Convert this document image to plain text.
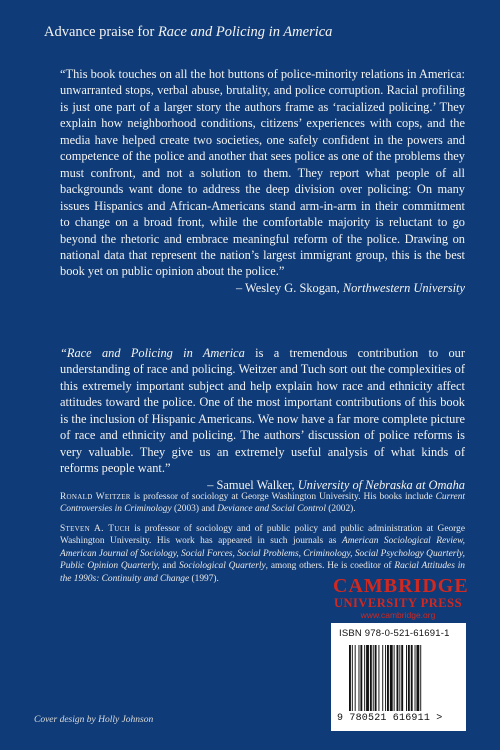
Advance praise for Race and Policing in America
“This book touches on all the hot buttons of police-minority relations in America: unwarranted stops, verbal abuse, brutality, and police corruption. Racial profiling is just one part of a larger story the authors frame as ‘racialized policing.’ They explain how neighborhood conditions, citizens’ experiences with cops, and the media have helped create two societies, one safely confident in the powers and competence of the police and another that sees police as one of the problems they must confront, and not a solution to them. They report what people of all backgrounds want done to address the deep division over policing: On many issues Hispanics and African-Americans stand arm-in-arm in their commitment to change on a broad front, while the comfortable majority is reluctant to go beyond the rhetoric and embrace meaningful reform of the police. Drawing on national data that represent the nation’s largest immigrant group, this is the best book yet on public opinion about the police.”
– Wesley G. Skogan, Northwestern University
“Race and Policing in America is a tremendous contribution to our understanding of race and policing. Weitzer and Tuch sort out the complexities of this extremely important subject and help explain how race and ethnicity affect attitudes toward the police. One of the most important contributions of this book is the inclusion of Hispanic Americans. We now have a far more complete picture of race and ethnicity and policing. The authors’ discussion of police reforms is very valuable. They give us an extremely useful analysis of what kinds of reforms people want.”
– Samuel Walker, University of Nebraska at Omaha
Ronald Weitzer is professor of sociology at George Washington University. His books include Current Controversies in Criminology (2003) and Deviance and Social Control (2002).
Steven A. Tuch is professor of sociology and of public policy and public administration at George Washington University. His work has appeared in such journals as American Sociological Review, American Journal of Sociology, Social Forces, Social Problems, Criminology, Social Psychology Quarterly, Public Opinion Quarterly, and Sociological Quarterly, among others. He is coeditor of Racial Attitudes in the 1990s: Continuity and Change (1997).	CAMBRIDGE
UNIVERSITY PRESS
www.cambridge.org
ISBN 978-0-521-61691-1
9 780521 616911 >
Cover design by Holly Johnson
